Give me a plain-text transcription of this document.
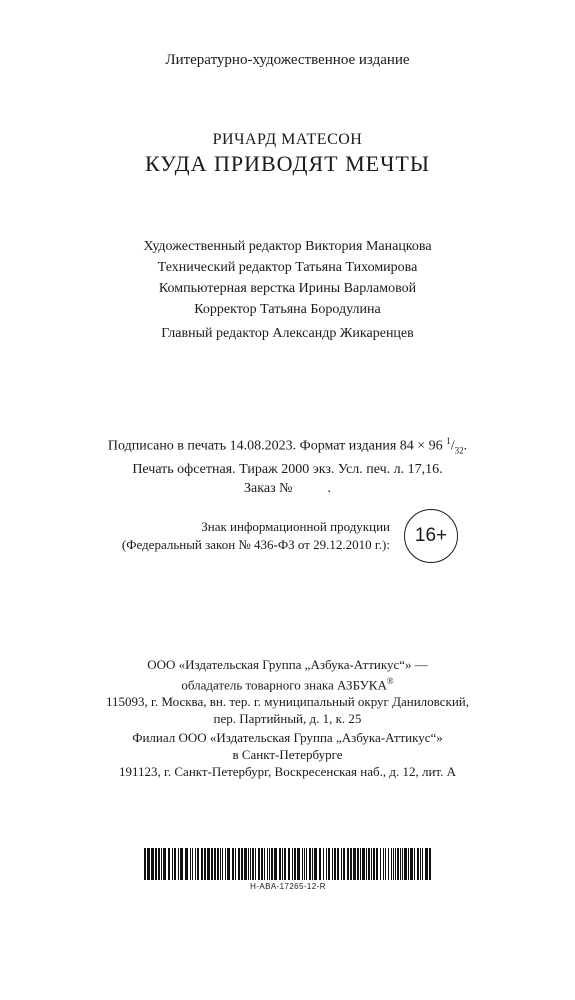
Литературно-художественное издание
РИЧАРД МАТЕСОН
КУДА ПРИВОДЯТ МЕЧТЫ
Художественный редактор Виктория Манацкова
Технический редактор Татьяна Тихомирова
Компьютерная верстка Ирины Варламовой
Корректор Татьяна Бородулина
Главный редактор Александр Жикаренцев
Подписано в печать 14.08.2023. Формат издания 84 × 96 $^1/_{32}$.
Печать офсетная. Тираж 2000 экз. Усл. печ. л. 17,16.
Заказ №          .
Знак информационной продукции
(Федеральный закон № 436-ФЗ от 29.12.2010 г.):	16+
ООО «Издательская Группа „Азбука-Аттикус“» —
обладатель товарного знака АЗБУКА®
115093, г. Москва, вн. тер. г. муниципальный округ Даниловский,
пер. Партийный, д. 1, к. 25
Филиал ООО «Издательская Группа „Азбука-Аттикус“»
в Санкт-Петербурге
191123, г. Санкт-Петербург, Воскресенская наб., д. 12, лит. А
H-ABA-17265-12-R
